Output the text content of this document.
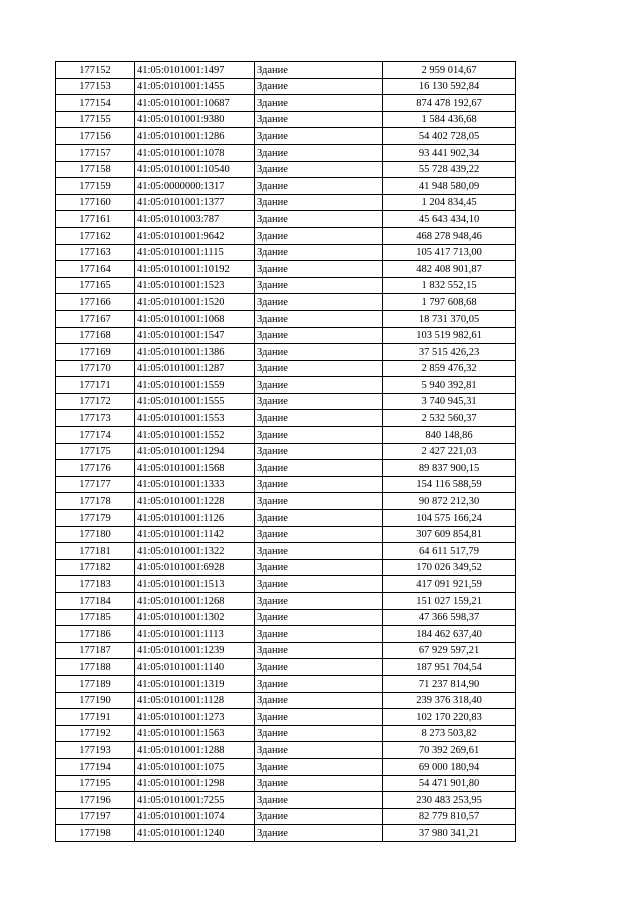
177152	41:05:0101001:1497	Здание	2 959 014,67
177153	41:05:0101001:1455	Здание	16 130 592,84
177154	41:05:0101001:10687	Здание	874 478 192,67
177155	41:05:0101001:9380	Здание	1 584 436,68
177156	41:05:0101001:1286	Здание	54 402 728,05
177157	41:05:0101001:1078	Здание	93 441 902,34
177158	41:05:0101001:10540	Здание	55 728 439,22
177159	41:05:0000000:1317	Здание	41 948 580,09
177160	41:05:0101001:1377	Здание	1 204 834,45
177161	41:05:0101003:787	Здание	45 643 434,10
177162	41:05:0101001:9642	Здание	468 278 948,46
177163	41:05:0101001:1115	Здание	105 417 713,00
177164	41:05:0101001:10192	Здание	482 408 901,87
177165	41:05:0101001:1523	Здание	1 832 552,15
177166	41:05:0101001:1520	Здание	1 797 608,68
177167	41:05:0101001:1068	Здание	18 731 370,05
177168	41:05:0101001:1547	Здание	103 519 982,61
177169	41:05:0101001:1386	Здание	37 515 426,23
177170	41:05:0101001:1287	Здание	2 859 476,32
177171	41:05:0101001:1559	Здание	5 940 392,81
177172	41:05:0101001:1555	Здание	3 740 945,31
177173	41:05:0101001:1553	Здание	2 532 560,37
177174	41:05:0101001:1552	Здание	840 148,86
177175	41:05:0101001:1294	Здание	2 427 221,03
177176	41:05:0101001:1568	Здание	89 837 900,15
177177	41:05:0101001:1333	Здание	154 116 588,59
177178	41:05:0101001:1228	Здание	90 872 212,30
177179	41:05:0101001:1126	Здание	104 575 166,24
177180	41:05:0101001:1142	Здание	307 609 854,81
177181	41:05:0101001:1322	Здание	64 611 517,79
177182	41:05:0101001:6928	Здание	170 026 349,52
177183	41:05:0101001:1513	Здание	417 091 921,59
177184	41:05:0101001:1268	Здание	151 027 159,21
177185	41:05:0101001:1302	Здание	47 366 598,37
177186	41:05:0101001:1113	Здание	184 462 637,40
177187	41:05:0101001:1239	Здание	67 929 597,21
177188	41:05:0101001:1140	Здание	187 951 704,54
177189	41:05:0101001:1319	Здание	71 237 814,90
177190	41:05:0101001:1128	Здание	239 376 318,40
177191	41:05:0101001:1273	Здание	102 170 220,83
177192	41:05:0101001:1563	Здание	8 273 503,82
177193	41:05:0101001:1288	Здание	70 392 269,61
177194	41:05:0101001:1075	Здание	69 000 180,94
177195	41:05:0101001:1298	Здание	54 471 901,80
177196	41:05:0101001:7255	Здание	230 483 253,95
177197	41:05:0101001:1074	Здание	82 779 810,57
177198	41:05:0101001:1240	Здание	37 980 341,21
